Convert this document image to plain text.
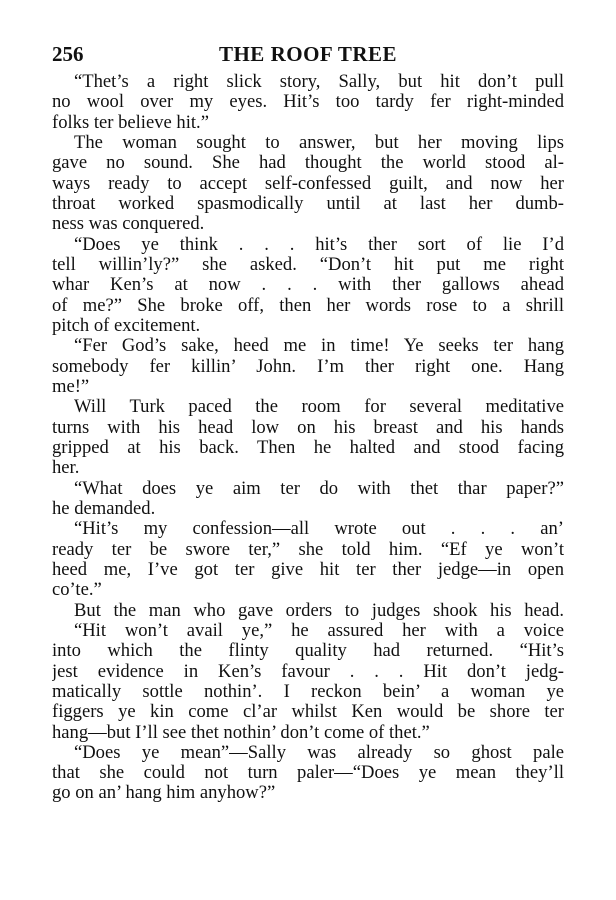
256	THE ROOF TREE
“Thet’s a right slick story, Sally, but hit don’t pull
no wool over my eyes. Hit’s too tardy fer right-minded
folks ter believe hit.”
The woman sought to answer, but her moving lips
gave no sound. She had thought the world stood al-
ways ready to accept self-confessed guilt, and now her
throat worked spasmodically until at last her dumb-
ness was conquered.
“Does ye think . . . hit’s ther sort of lie I’d
tell willin’ly?” she asked. “Don’t hit put me right
whar Ken’s at now . . . with ther gallows ahead
of me?” She broke off, then her words rose to a shrill
pitch of excitement.
“Fer God’s sake, heed me in time! Ye seeks ter hang
somebody fer killin’ John. I’m ther right one. Hang
me!”
Will Turk paced the room for several meditative
turns with his head low on his breast and his hands
gripped at his back. Then he halted and stood facing
her.
“What does ye aim ter do with thet thar paper?”
he demanded.
“Hit’s my confession—all wrote out . . . an’
ready ter be swore ter,” she told him. “Ef ye won’t
heed me, I’ve got ter give hit ter ther jedge—in open
co’te.”
But the man who gave orders to judges shook his head.
“Hit won’t avail ye,” he assured her with a voice
into which the flinty quality had returned. “Hit’s
jest evidence in Ken’s favour . . . Hit don’t jedg-
matically sottle nothin’. I reckon bein’ a woman ye
figgers ye kin come cl’ar whilst Ken would be shore ter
hang—but I’ll see thet nothin’ don’t come of thet.”
“Does ye mean”—Sally was already so ghost pale
that she could not turn paler—“Does ye mean they’ll
go on an’ hang him anyhow?”
